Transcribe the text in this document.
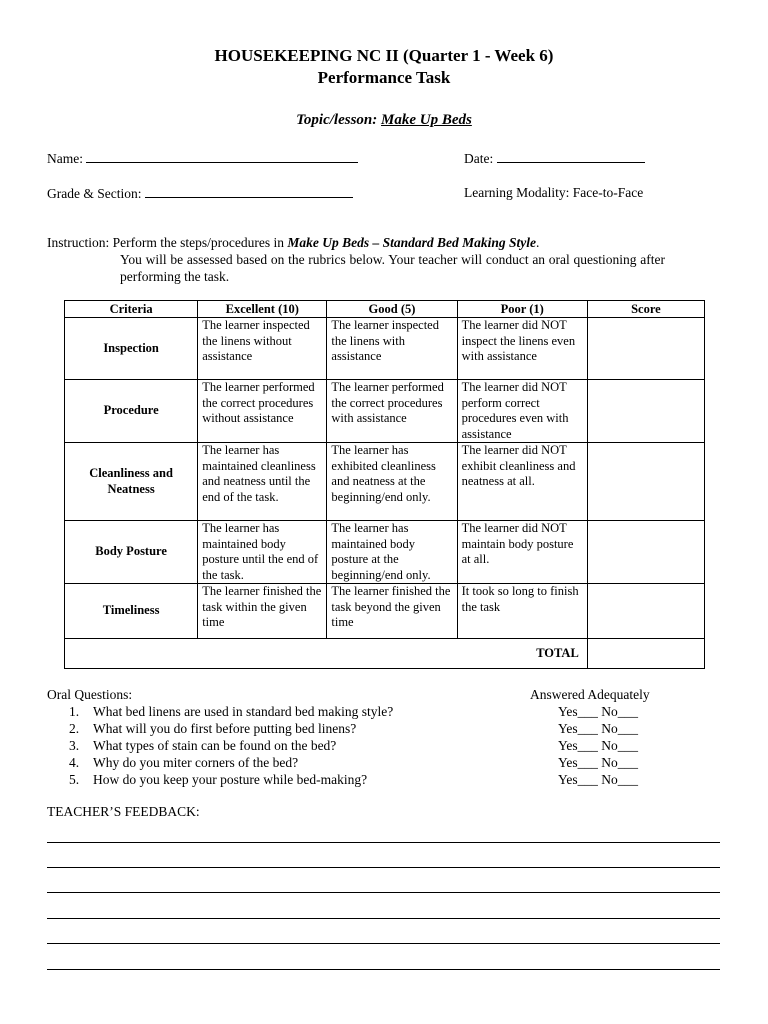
HOUSEKEEPING NC II (Quarter 1 - Week 6)
Performance Task
Topic/lesson: Make Up Beds
Name:	Date:
Grade & Section:	Learning Modality: Face-to-Face
Instruction: Perform the steps/procedures in Make Up Beds – Standard Bed Making Style.
You will be assessed based on the rubrics below. Your teacher will conduct an oral questioning after performing the task.
Criteria	Excellent (10)	Good (5)	Poor (1)	Score
Inspection	The learner inspected the linens without assistance	The learner inspected the linens with assistance	The learner did NOT inspect the linens even with assistance	
Procedure	The learner performed the correct procedures without assistance	The learner performed the correct procedures with assistance	The learner did NOT perform correct procedures even with assistance	
Cleanliness and Neatness	The learner has maintained cleanliness and neatness until the end of the task.	The learner has exhibited cleanliness and neatness at the beginning/end only.	The learner did NOT exhibit cleanliness and neatness at all.	
Body Posture	The learner has maintained body posture until the end of the task.	The learner has maintained body posture at the beginning/end only.	The learner did NOT maintain body posture at all.	
Timeliness	The learner finished the task within the given time	The learner finished the task beyond the given time	It took so long to finish the task	
TOTAL				
Oral Questions:	Answered Adequately
1. What bed linens are used in standard bed making style?	Yes___ No___
2. What will you do first before putting bed linens?	Yes___ No___
3. What types of stain can be found on the bed?	Yes___ No___
4. Why do you miter corners of the bed?	Yes___ No___
5. How do you keep your posture while bed-making?	Yes___ No___
TEACHER’S FEEDBACK:
